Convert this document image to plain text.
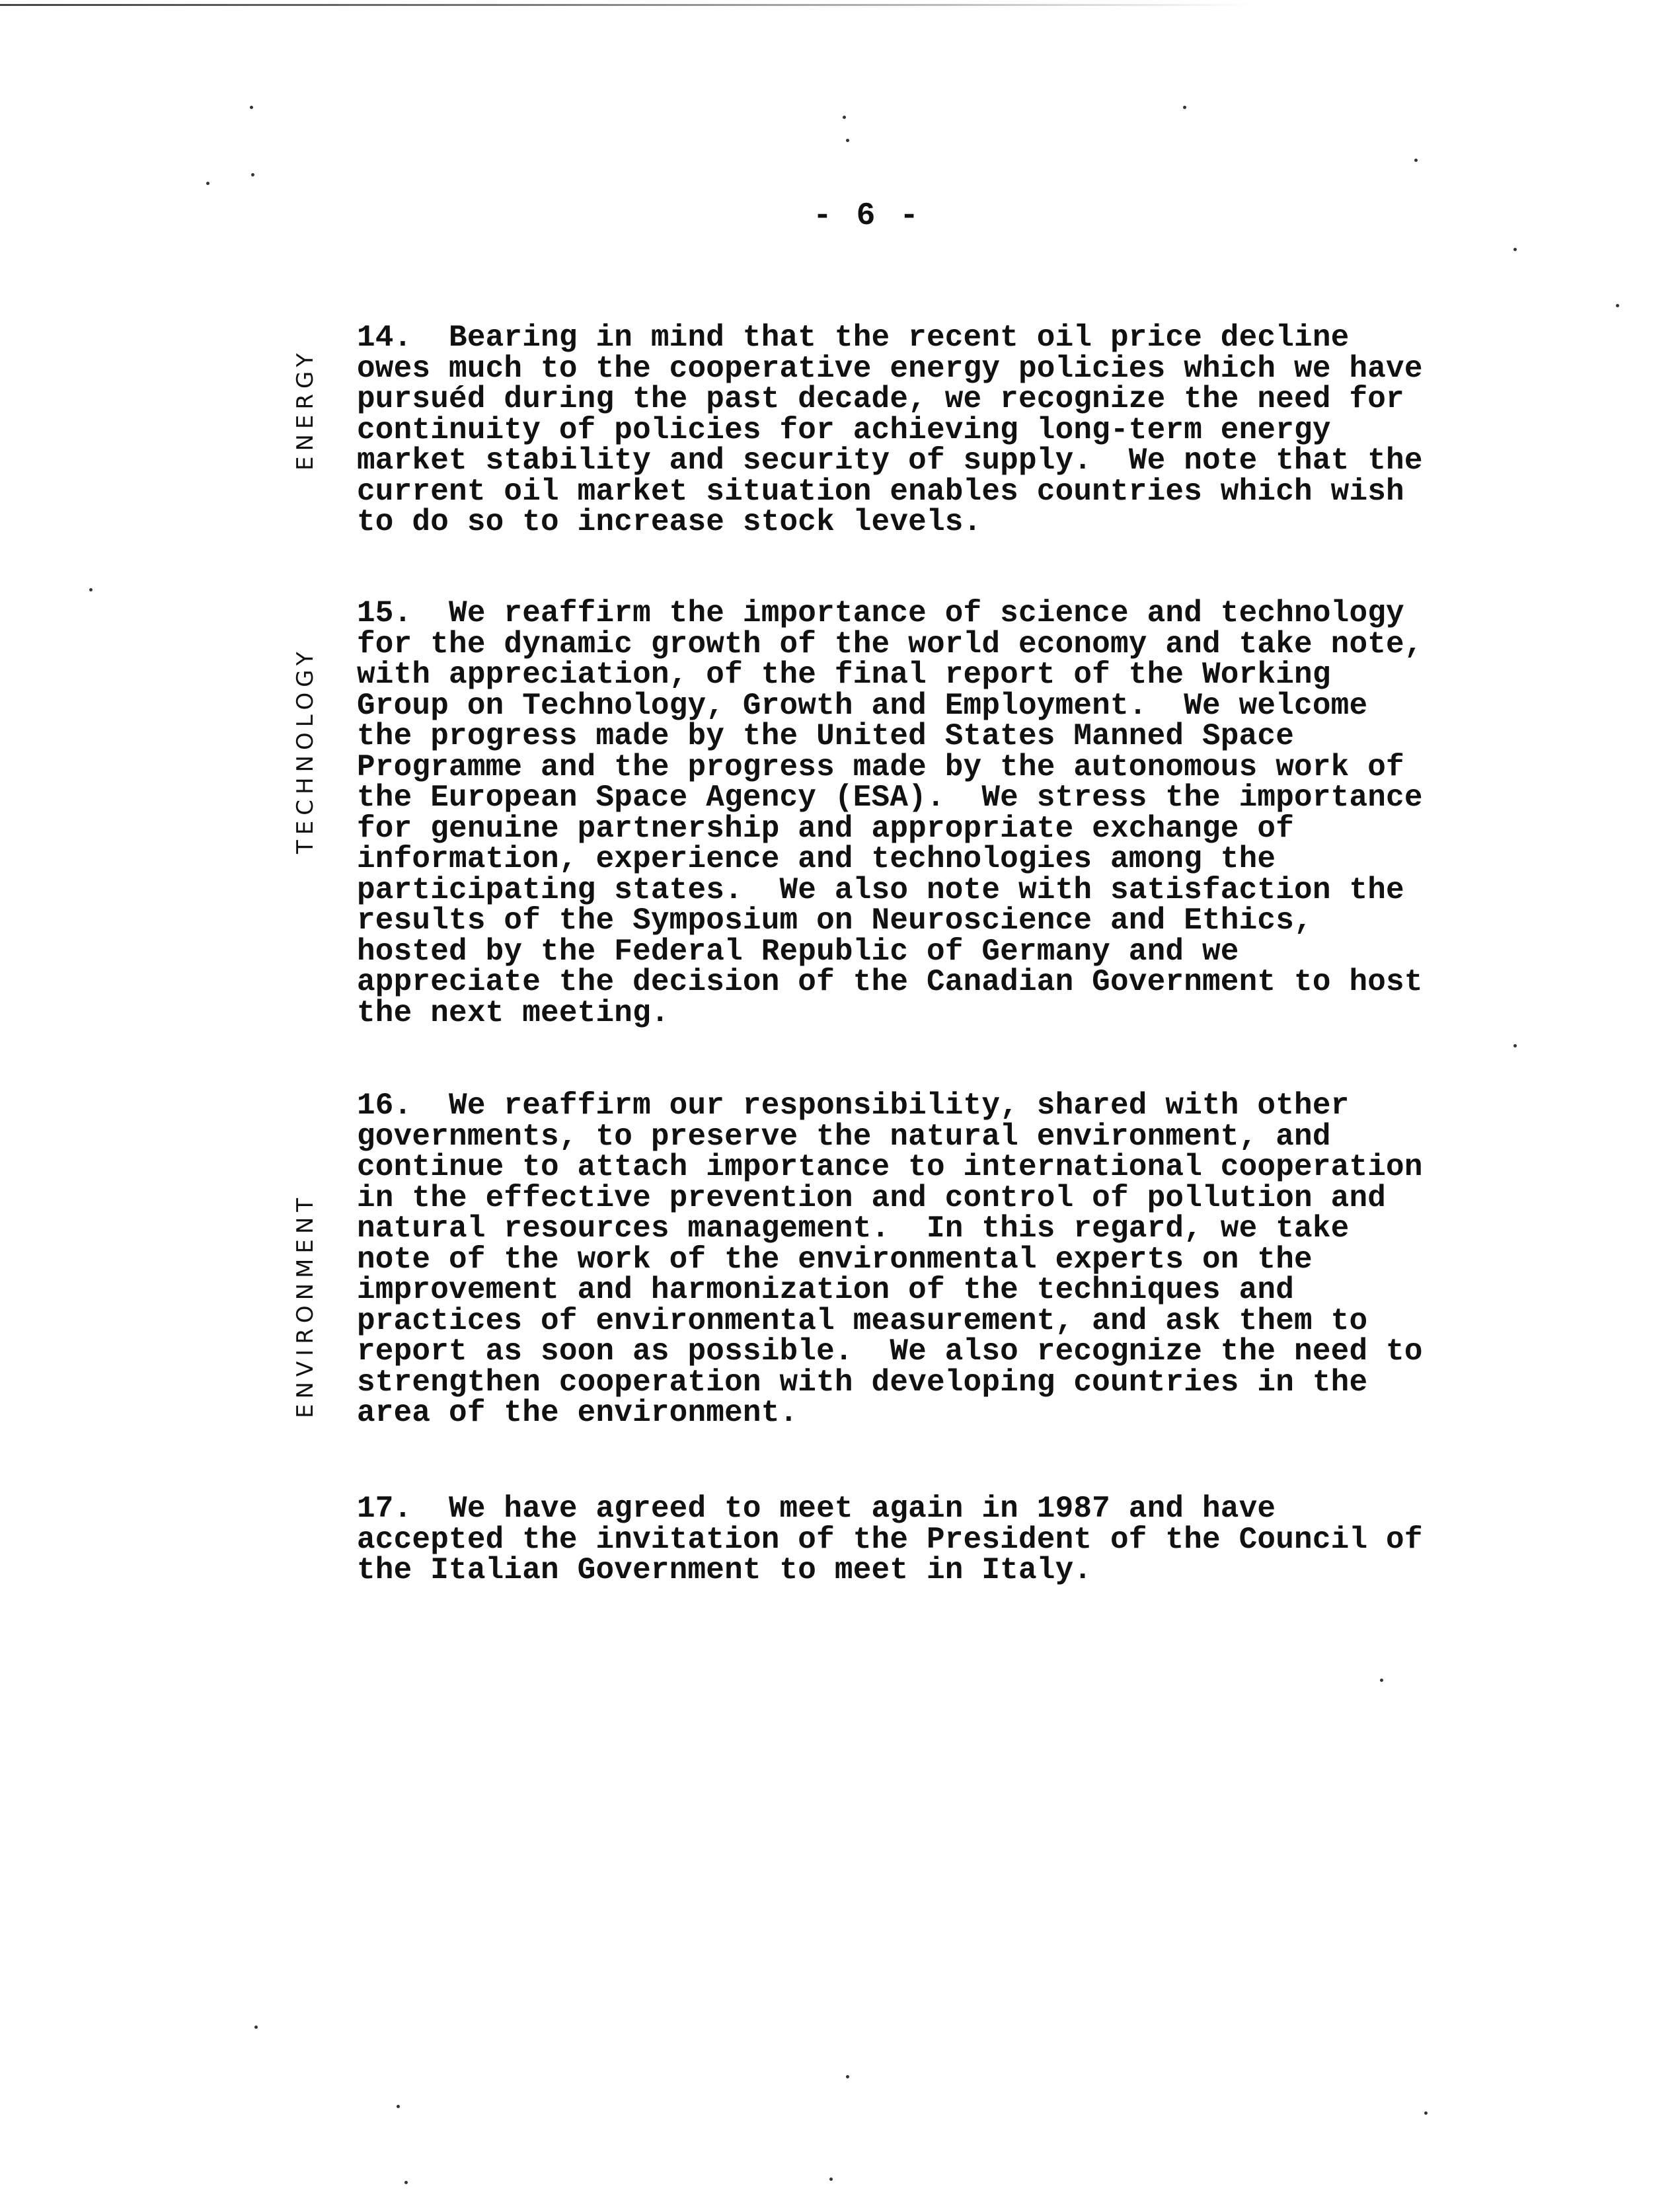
- 6 -
ENERGY

14.  Bearing in mind that the recent oil price decline
owes much to the cooperative energy policies which we have
pursuéd during the past decade, we recognize the need for
continuity of policies for achieving long-term energy
market stability and security of supply.  We note that the
current oil market situation enables countries which wish
to do so to increase stock levels.

TECHNOLOGY

15.  We reaffirm the importance of science and technology
for the dynamic growth of the world economy and take note,
with appreciation, of the final report of the Working
Group on Technology, Growth and Employment.  We welcome
the progress made by the United States Manned Space
Programme and the progress made by the autonomous work of
the European Space Agency (ESA).  We stress the importance
for genuine partnership and appropriate exchange of
information, experience and technologies among the
participating states.  We also note with satisfaction the
results of the Symposium on Neuroscience and Ethics,
hosted by the Federal Republic of Germany and we
appreciate the decision of the Canadian Government to host
the next meeting.

ENVIRONMENT

16.  We reaffirm our responsibility, shared with other
governments, to preserve the natural environment, and
continue to attach importance to international cooperation
in the effective prevention and control of pollution and
natural resources management.  In this regard, we take
note of the work of the environmental experts on the
improvement and harmonization of the techniques and
practices of environmental measurement, and ask them to
report as soon as possible.  We also recognize the need to
strengthen cooperation with developing countries in the
area of the environment.

17.  We have agreed to meet again in 1987 and have
accepted the invitation of the President of the Council of
the Italian Government to meet in Italy.
